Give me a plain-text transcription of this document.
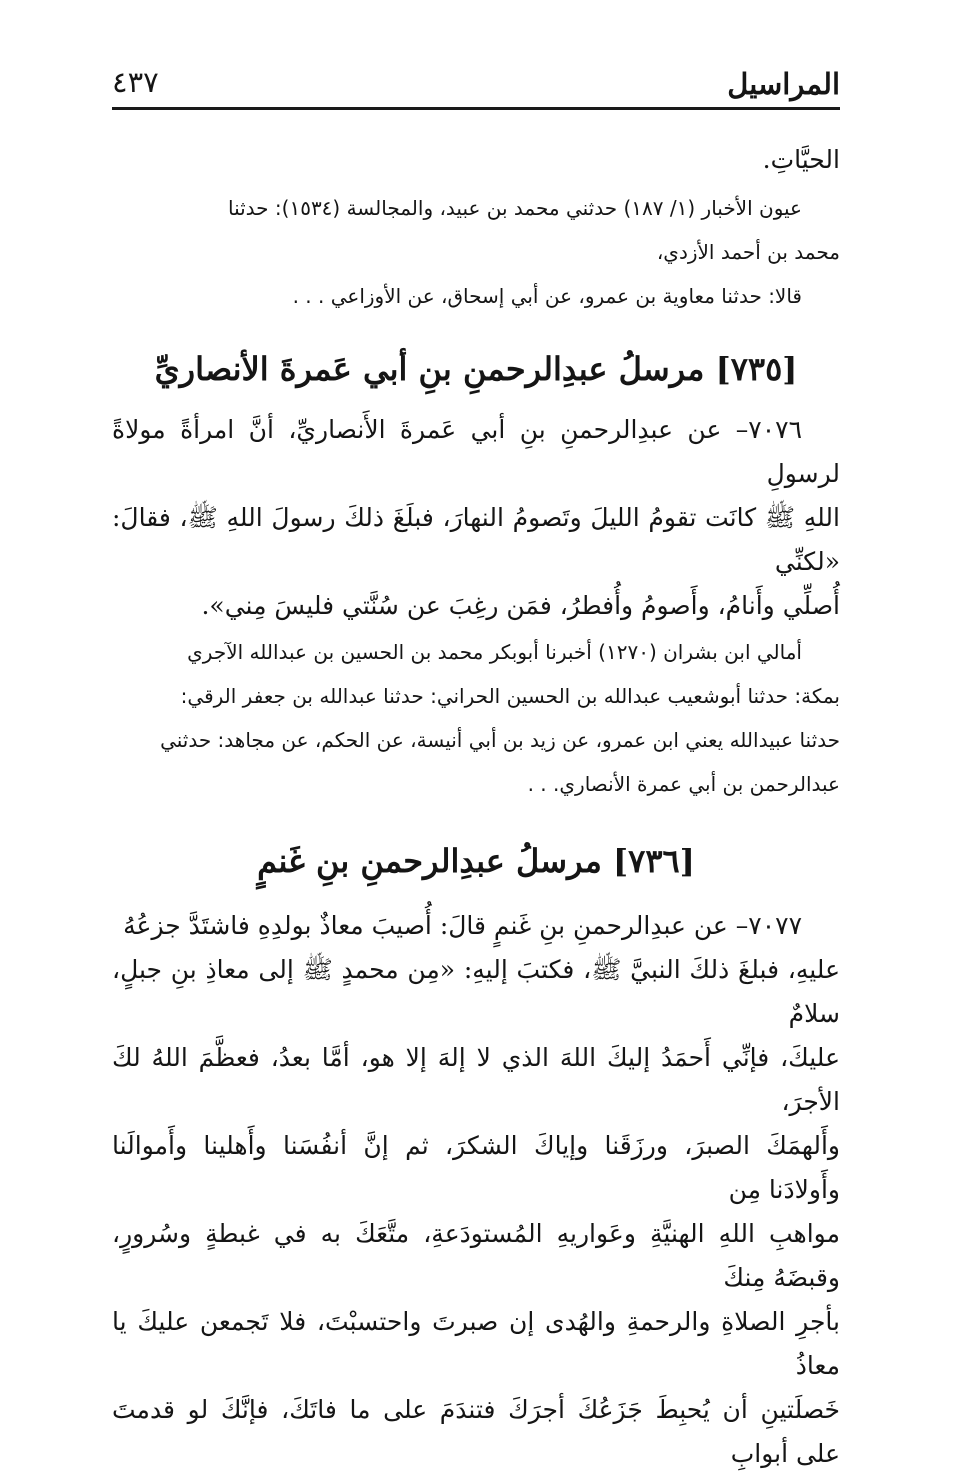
المراسيل
٤٣٧

الحيَّاتِ.

عيون الأخبار (١/ ١٨٧) حدثني محمد بن عبيد، والمجالسة (١٥٣٤): حدثنا

محمد بن أحمد الأزدي،

قالا: حدثنا معاوية بن عمرو، عن أبي إسحاق، عن الأوزاعي . . .

[٧٣٥] مرسلُ عبدِالرحمنِ بنِ أبي عَمرةَ الأنصاريِّ

٧٠٧٦– عن عبدِالرحمنِ بنِ أبي عَمرةَ الأَنصاريِّ، أنَّ امرأةً مولاةً لرسولِ

اللهِ ﷺ كانَت تقومُ الليلَ وتَصومُ النهارَ، فبلَغَ ذلكَ رسولَ اللهِ ﷺ، فقالَ: «لكنِّي

أُصلِّي وأَنامُ، وأَصومُ وأُفطرُ، فمَن رغِبَ عن سُنَّتي فليسَ مِني».

أمالي ابن بشران (١٢٧٠) أخبرنا أبوبكر محمد بن الحسين بن عبدالله الآجري

بمكة: حدثنا أبوشعيب عبدالله بن الحسين الحراني: حدثنا عبدالله بن جعفر الرقي:

حدثنا عبيدالله يعني ابن عمرو، عن زيد بن أبي أنيسة، عن الحكم، عن مجاهد: حدثني

عبدالرحمن بن أبي عمرة الأنصاري. . .

[٧٣٦] مرسلُ عبدِالرحمنِ بنِ غَنمٍ

٧٠٧٧– عن عبدِالرحمنِ بنِ غَنمٍ قالَ: أُصيبَ معاذٌ بولدِهِ فاشتَدَّ جزعُهُ

عليهِ، فبلغَ ذلكَ النبيَّ ﷺ، فكتبَ إليهِ: «مِن محمدٍ ﷺ إلى معاذِ بنِ جبلٍ، سلامٌ

عليكَ، فإنِّي أَحمَدُ إليكَ اللهَ الذي لا إلهَ إلا هو، أمَّا بعدُ، فعظَّمَ اللهُ لكَ الأجرَ،

وأَلهمَكَ الصبرَ، ورزَقَنا وإياكَ الشكرَ، ثم إنَّ أنفُسَنا وأَهلينا وأَموالَنا وأَولادَنا مِن

مواهبِ اللهِ الهنيَّةِ وعَواريهِ المُستودَعةِ، متَّعَكَ به في غبطةٍ وسُرورٍ، وقبضَهُ مِنكَ

بأجرِ الصلاةِ والرحمةِ والهُدى إن صبرتَ واحتسبْتَ، فلا تَجمعن عليكَ يا معاذُ

خَصلَتينِ أن يُحبِطَ جَزَعُكَ أجرَكَ فتندَمَ على ما فاتَكَ، فإنَّكَ لو قدمتَ على أبوابِ
